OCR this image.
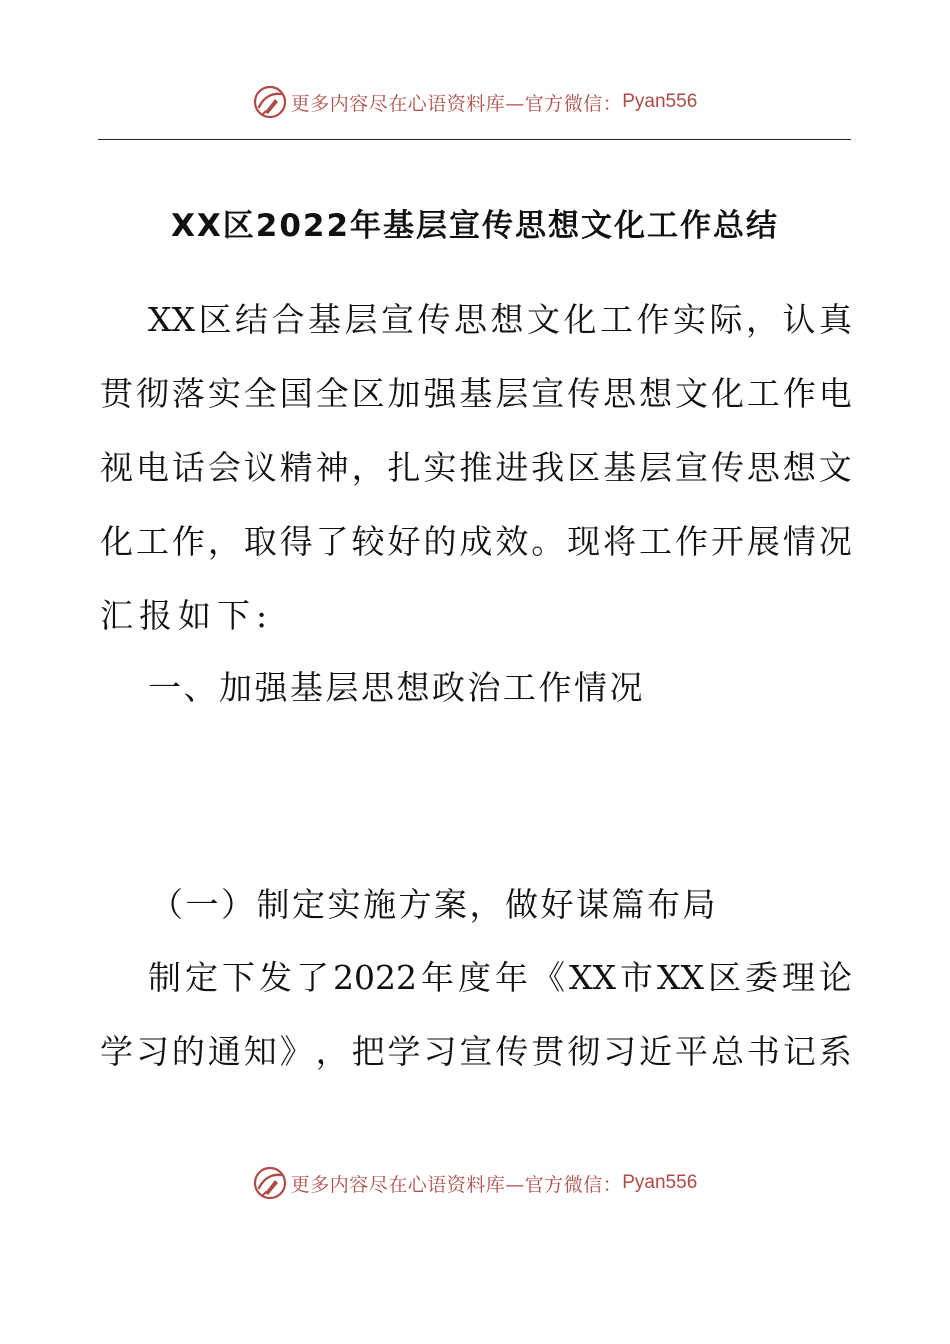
更多内容尽在心语资料库—官方微信： Pyan556
XX区2022年基层宣传思想文化工作总结
XX 区 结 合 基 层 宣 传 思 想 文 化 工 作 实 际 ， 认 真
贯 彻 落 实 全 国 全 区 加 强 基 层 宣 传 思 想 文 化 工 作 电
视 电 话 会 议 精 神 ， 扎 实 推 进 我 区 基 层 宣 传 思 想 文
化 工 作 ， 取 得 了 较 好 的 成 效 。 现 将 工 作 开 展 情 况
汇报如下:
一、加强基层思想政治工作情况
（一）制定实施方案，做好谋篇布局
制 定 下 发 了 2022 年 度 年 《 XX 市 XX 区 委 理 论
学 习 的 通 知 》 ， 把 学 习 宣 传 贯 彻 习 近 平 总 书 记 系
更多内容尽在心语资料库—官方微信： Pyan556
